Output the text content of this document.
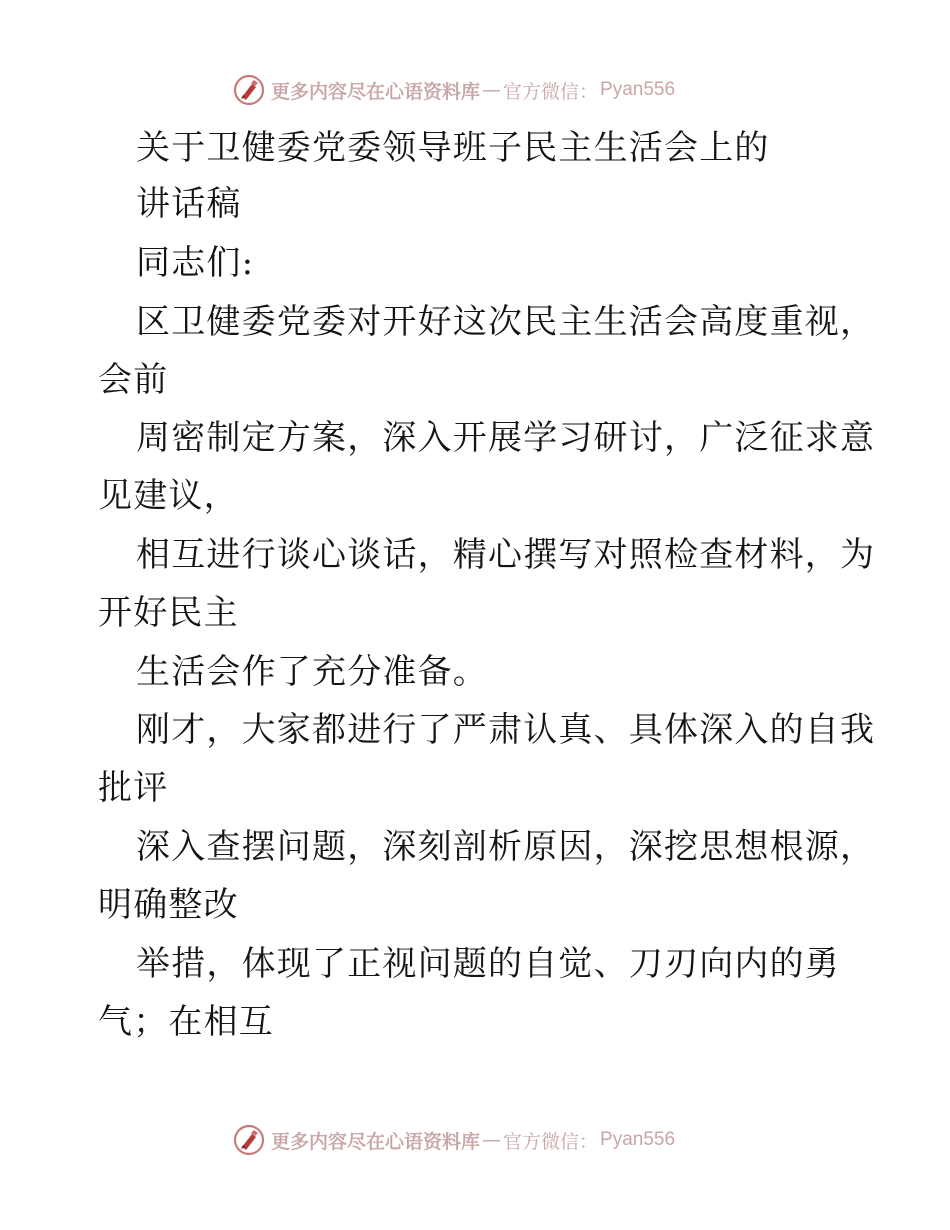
更多内容尽在心语资料库 — 官方微信： Pyan556
关于卫健委党委领导班子民主生活会上的
讲话稿
同志们:
区卫健委党委对开好这次民主生活会高度重视，
会前
周密制定方案，深入开展学习研讨，广泛征求意
见建议，
相互进行谈心谈话，精心撰写对照检查材料，为
开好民主
生活会作了充分准备。
刚才，大家都进行了严肃认真、具体深入的自我
批评
深入查摆问题，深刻剖析原因，深挖思想根源，
明确整改
举措，体现了正视问题的自觉、刀刃向内的勇
气；在相互
更多内容尽在心语资料库 — 官方微信： Pyan556
